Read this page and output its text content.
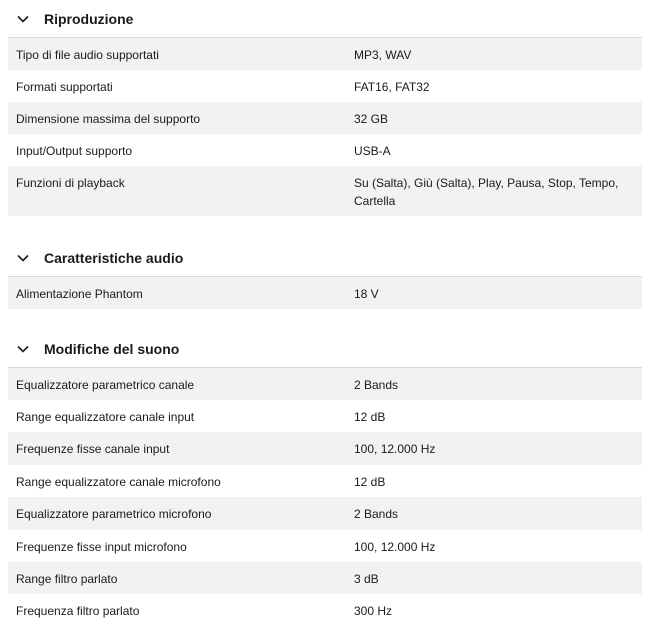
Riproduzione
Tipo di file audio supportati	MP3, WAV
Formati supportati	FAT16, FAT32
Dimensione massima del supporto	32 GB
Input/Output supporto	USB-A
Funzioni di playback	Su (Salta), Giù (Salta), Play, Pausa, Stop, Tempo, Cartella
Caratteristiche audio
Alimentazione Phantom	18 V
Modifiche del suono
Equalizzatore parametrico canale	2 Bands
Range equalizzatore canale input	12 dB
Frequenze fisse canale input	100, 12.000 Hz
Range equalizzatore canale microfono	12 dB
Equalizzatore parametrico microfono	2 Bands
Frequenze fisse input microfono	100, 12.000 Hz
Range filtro parlato	3 dB
Frequenza filtro parlato	300 Hz
